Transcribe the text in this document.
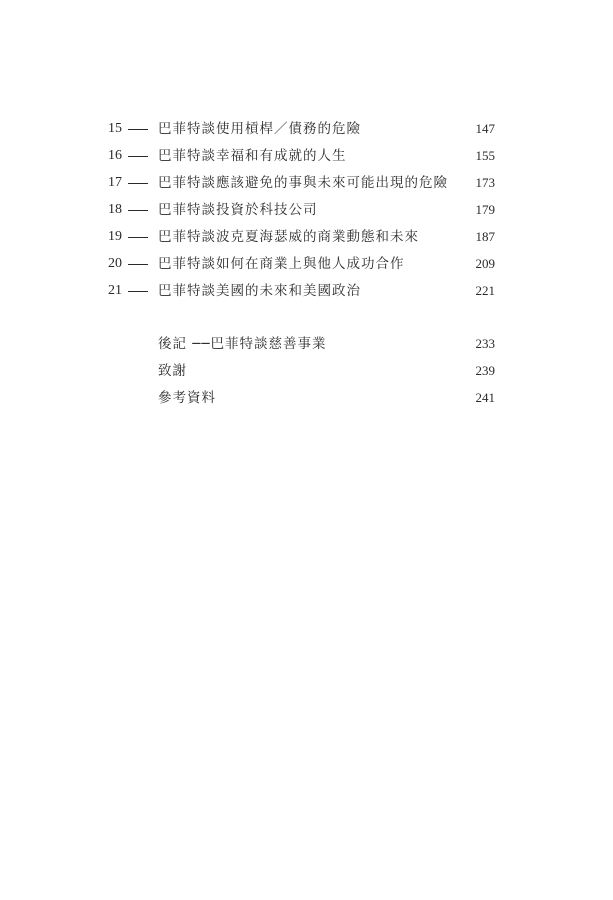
15	巴菲特談使用槓桿／債務的危險	147
16	巴菲特談幸福和有成就的人生	155
17	巴菲特談應該避免的事與未來可能出現的危險 173
18	巴菲特談投資於科技公司	179
19	巴菲特談波克夏海瑟威的商業動態和未來	187
20	巴菲特談如何在商業上與他人成功合作	209
21	巴菲特談美國的未來和美國政治	221
後記 ──巴菲特談慈善事業	233
致謝	239
參考資料	241
